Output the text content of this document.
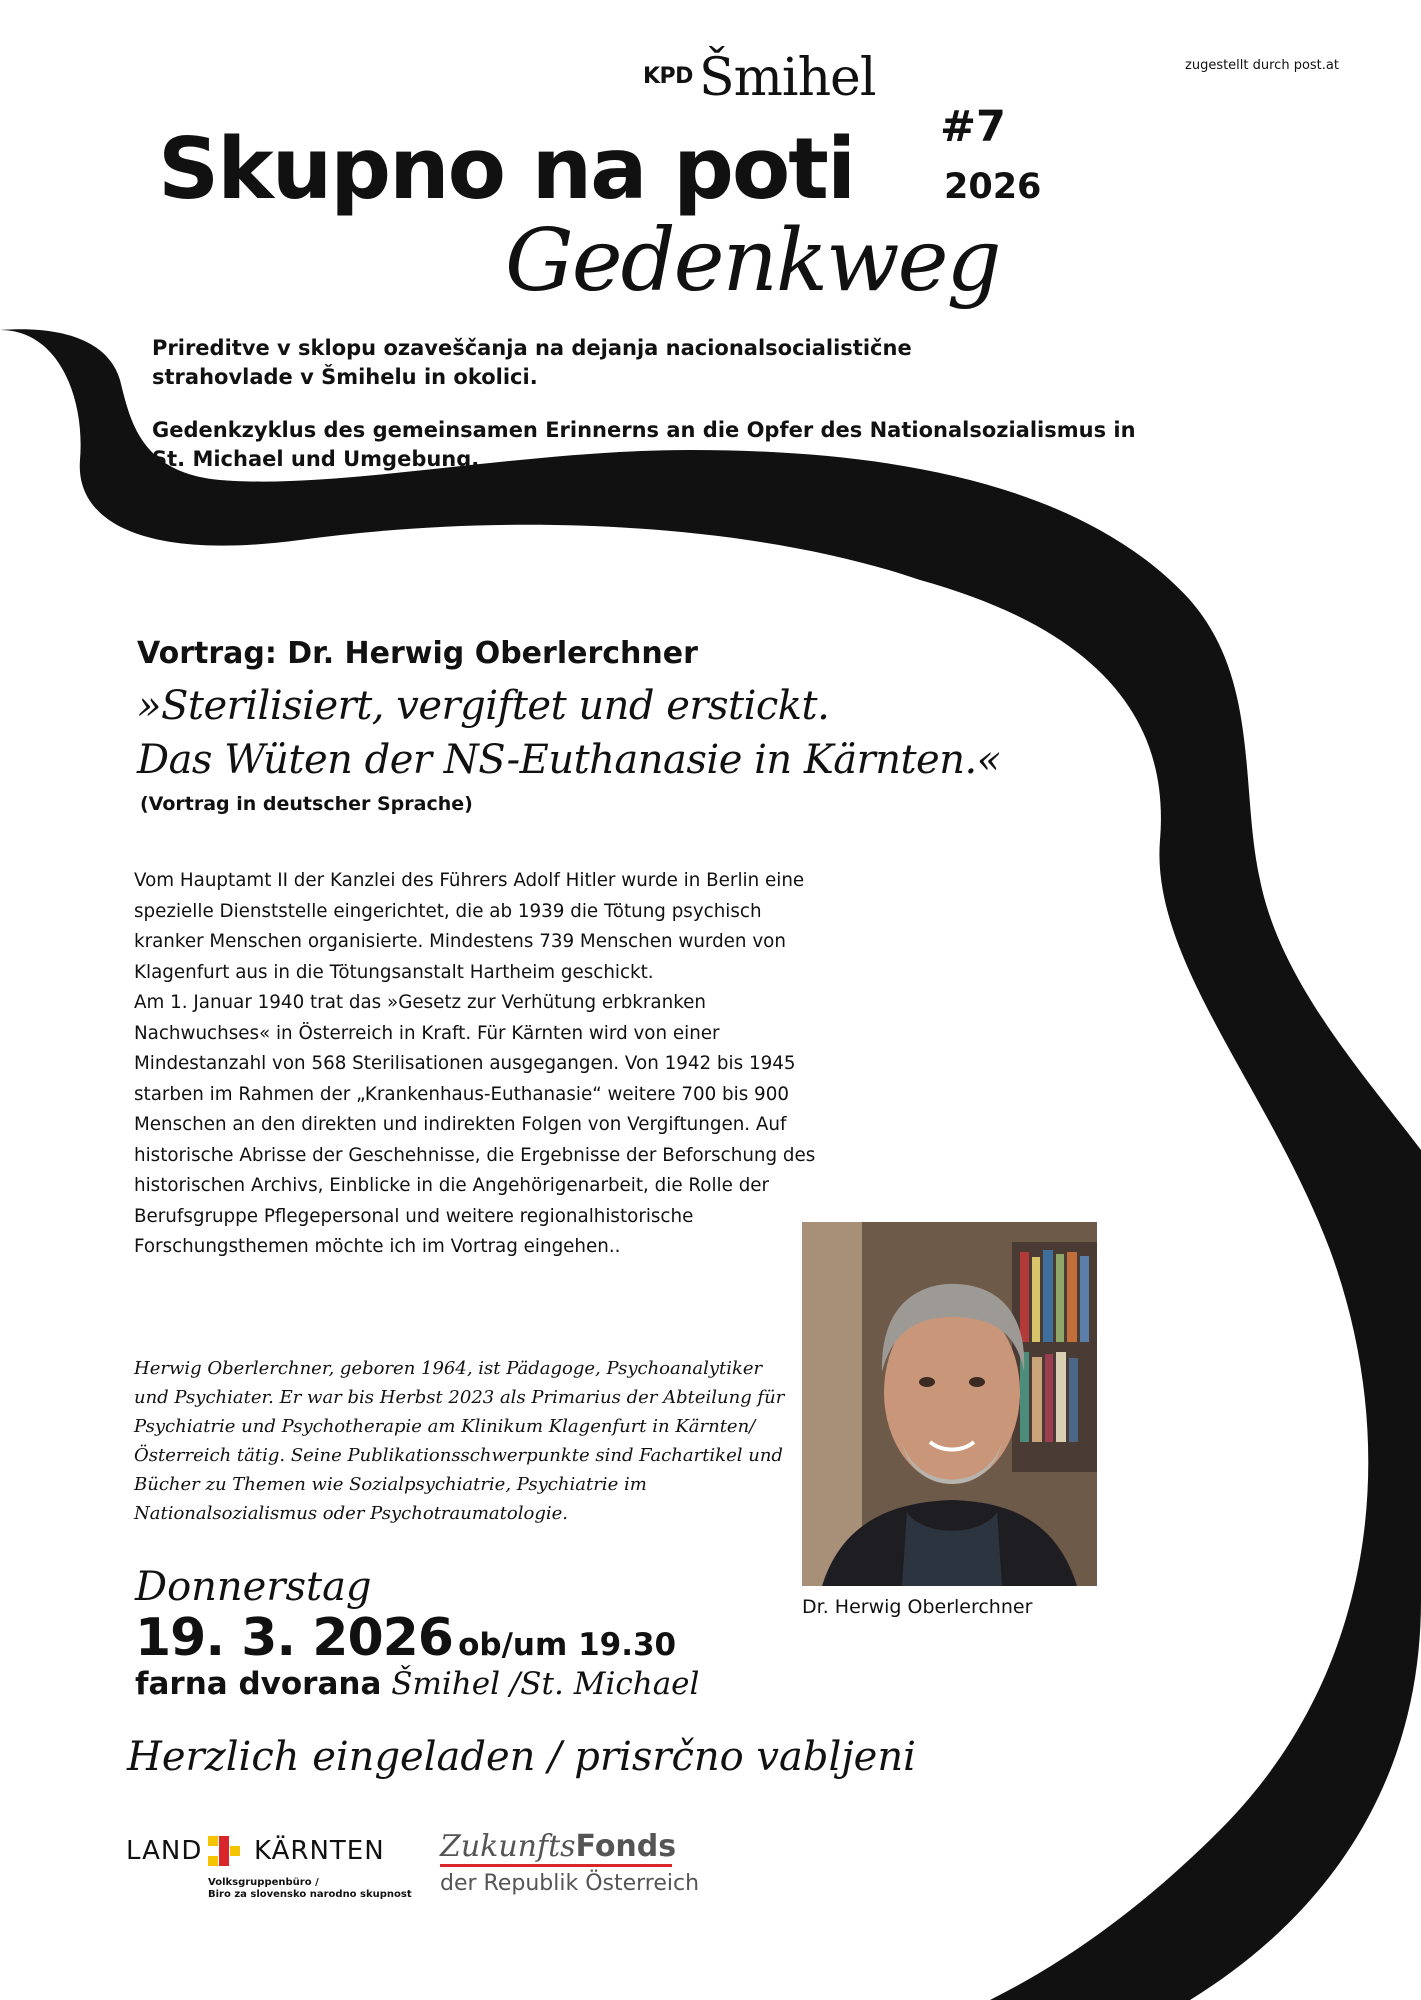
zugestellt durch post.at
KPD Šmihel
Skupno na poti #7
2026
Gedenkweg
Prireditve v sklopu ozaveščanja na dejanja nacionalsocialistične strahovlade v Šmihelu in okolici.
Gedenkzyklus des gemeinsamen Erinnerns an die Opfer des Nationalsozialismus in St. Michael und Umgebung.
Vortrag: Dr. Herwig Oberlerchner
»Sterilisiert, vergiftet und erstickt.
Das Wüten der NS-Euthanasie in Kärnten.«
(Vortrag in deutscher Sprache)

Vom Hauptamt II der Kanzlei des Führers Adolf Hitler wurde in Berlin eine spezielle Dienststelle eingerichtet, die ab 1939 die Tötung psychisch kranker Menschen organisierte. Mindestens 739 Menschen wurden von Klagenfurt aus in die Tötungsanstalt Hartheim geschickt.

Am 1. Januar 1940 trat das »Gesetz zur Verhütung erbkranken Nachwuchses« in Österreich in Kraft. Für Kärnten wird von einer Mindestanzahl von 568 Sterilisationen ausgegangen. Von 1942 bis 1945 starben im Rahmen der „Krankenhaus-Euthanasie“ weitere 700 bis 900 Menschen an den direkten und indirekten Folgen von Vergiftungen. Auf historische Abrisse der Geschehnisse, die Ergebnisse der Beforschung des historischen Archivs, Einblicke in die Angehörigenarbeit, die Rolle der Berufsgruppe Pflegepersonal und weitere regionalhistorische Forschungsthemen möchte ich im Vortrag eingehen..

Herwig Oberlerchner, geboren 1964, ist Pädagoge, Psychoanalytiker und Psychiater. Er war bis Herbst 2023 als Primarius der Abteilung für Psychiatrie und Psychotherapie am Klinikum Klagenfurt in Kärnten/Österreich tätig. Seine Publikationsschwerpunkte sind Fachartikel und Bücher zu Themen wie Sozialpsychiatrie, Psychiatrie im Nationalsozialismus oder Psychotraumatologie.
Dr. Herwig Oberlerchner
Donnerstag
19. 3. 2026 ob/um 19.30
farna dvorana Šmihel /St. Michael
Herzlich eingeladen / prisrčno vabljeni
LAND KÄRNTEN
Volksgruppenbüro /
Biro za slovensko narodno skupnost
ZukunftsFonds
der Republik Österreich
